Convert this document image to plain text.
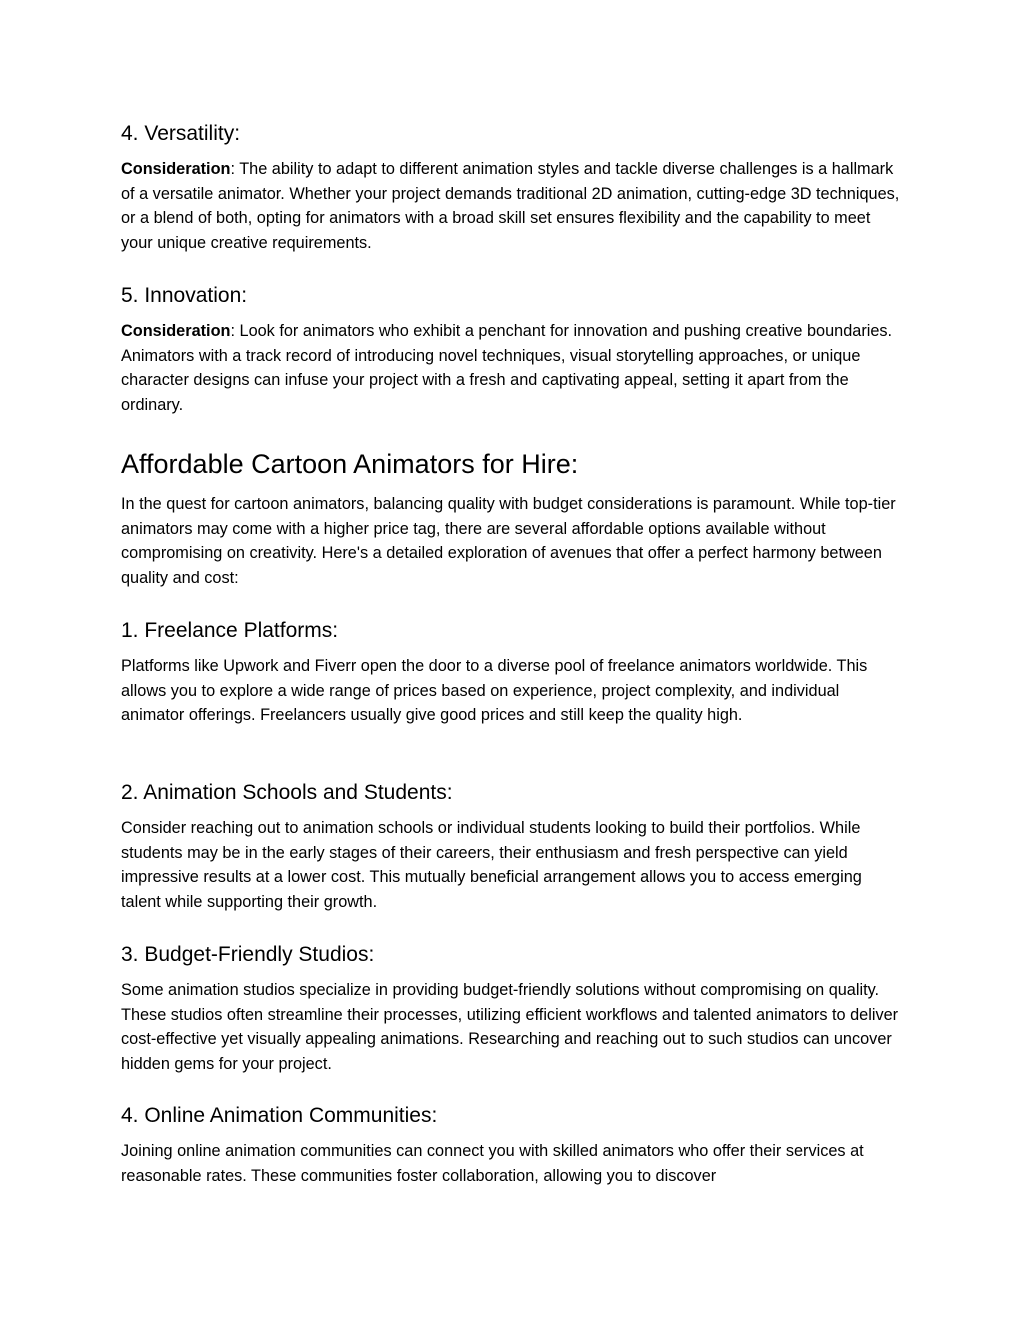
4. Versatility:

Consideration: The ability to adapt to different animation styles and tackle diverse challenges is a hallmark of a versatile animator. Whether your project demands traditional 2D animation, cutting-edge 3D techniques, or a blend of both, opting for animators with a broad skill set ensures flexibility and the capability to meet your unique creative requirements.

5. Innovation:

Consideration: Look for animators who exhibit a penchant for innovation and pushing creative boundaries. Animators with a track record of introducing novel techniques, visual storytelling approaches, or unique character designs can infuse your project with a fresh and captivating appeal, setting it apart from the ordinary.

Affordable Cartoon Animators for Hire:

In the quest for cartoon animators, balancing quality with budget considerations is paramount. While top-tier animators may come with a higher price tag, there are several affordable options available without compromising on creativity. Here's a detailed exploration of avenues that offer a perfect harmony between quality and cost:

1. Freelance Platforms:

Platforms like Upwork and Fiverr open the door to a diverse pool of freelance animators worldwide. This allows you to explore a wide range of prices based on experience, project complexity, and individual animator offerings. Freelancers usually give good prices and still keep the quality high.

2. Animation Schools and Students:

Consider reaching out to animation schools or individual students looking to build their portfolios. While students may be in the early stages of their careers, their enthusiasm and fresh perspective can yield impressive results at a lower cost. This mutually beneficial arrangement allows you to access emerging talent while supporting their growth.

3. Budget-Friendly Studios:

Some animation studios specialize in providing budget-friendly solutions without compromising on quality. These studios often streamline their processes, utilizing efficient workflows and talented animators to deliver cost-effective yet visually appealing animations. Researching and reaching out to such studios can uncover hidden gems for your project.

4. Online Animation Communities:

Joining online animation communities can connect you with skilled animators who offer their services at reasonable rates. These communities foster collaboration, allowing you to discover
